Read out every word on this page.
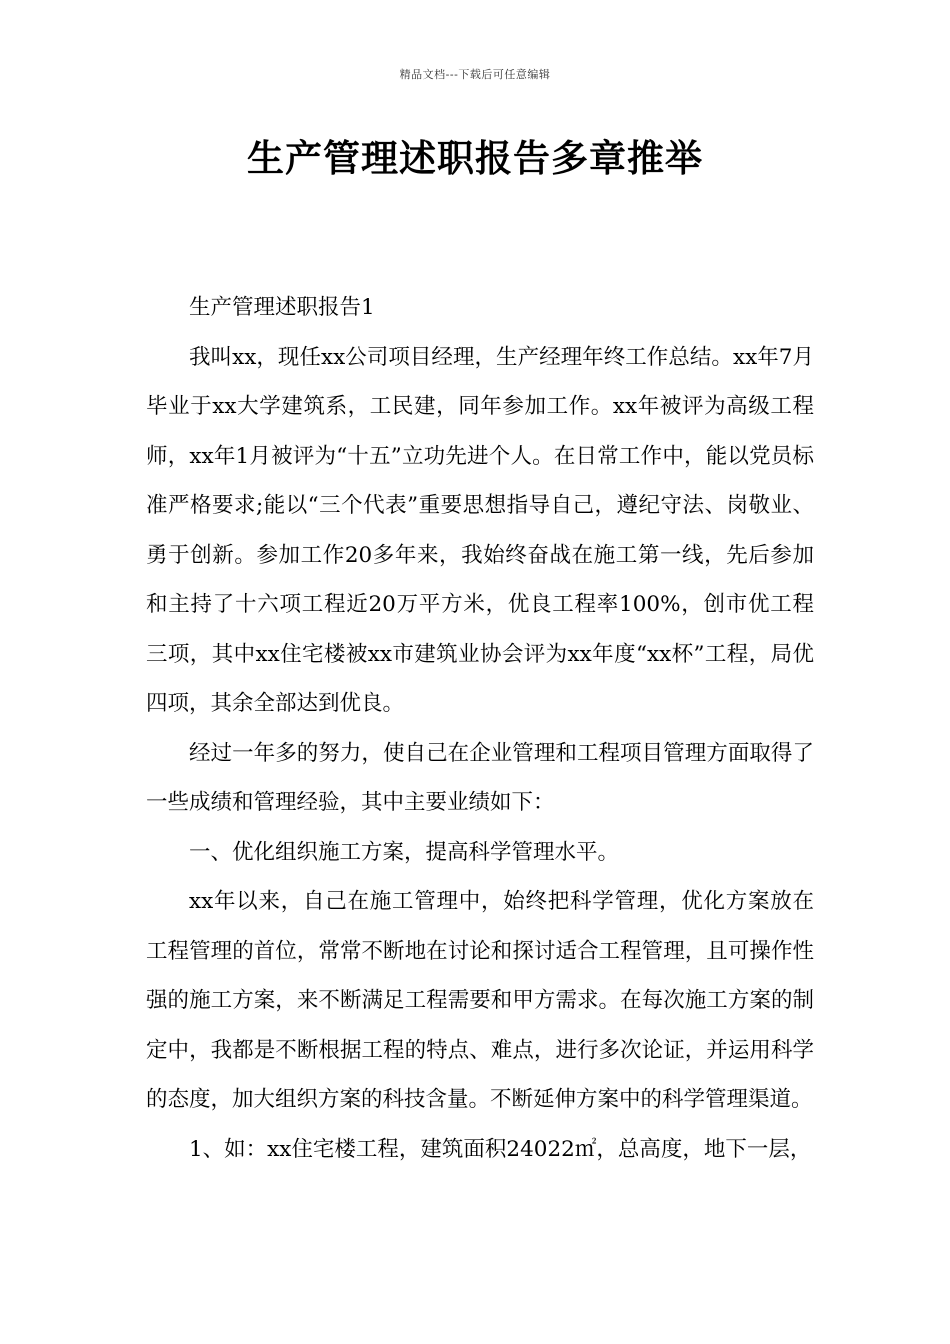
精品文档---下载后可任意编辑
生产管理述职报告多章推举

生产管理述职报告1

我叫xx，现任xx公司项目经理，生产经理年终工作总结。xx年7月毕业于xx大学建筑系，工民建，同年参加工作。xx年被评为高级工程师，xx年1月被评为“十五”立功先进个人。在日常工作中，能以党员标准严格要求;能以“三个代表”重要思想指导自己，遵纪守法、岗敬业、勇于创新。参加工作20多年来，我始终奋战在施工第一线，先后参加和主持了十六项工程近20万平方米，优良工程率100%，创市优工程三项，其中xx住宅楼被xx市建筑业协会评为xx年度“xx杯”工程，局优四项，其余全部达到优良。

经过一年多的努力，使自己在企业管理和工程项目管理方面取得了一些成绩和管理经验，其中主要业绩如下：

一、优化组织施工方案，提高科学管理水平。

xx年以来，自己在施工管理中，始终把科学管理，优化方案放在工程管理的首位，常常不断地在讨论和探讨适合工程管理，且可操作性强的施工方案，来不断满足工程需要和甲方需求。在每次施工方案的制定中，我都是不断根据工程的特点、难点，进行多次论证，并运用科学的态度，加大组织方案的科技含量。不断延伸方案中的科学管理渠道。

1、如：xx住宅楼工程，建筑面积24022㎡，总高度，地下一层，
